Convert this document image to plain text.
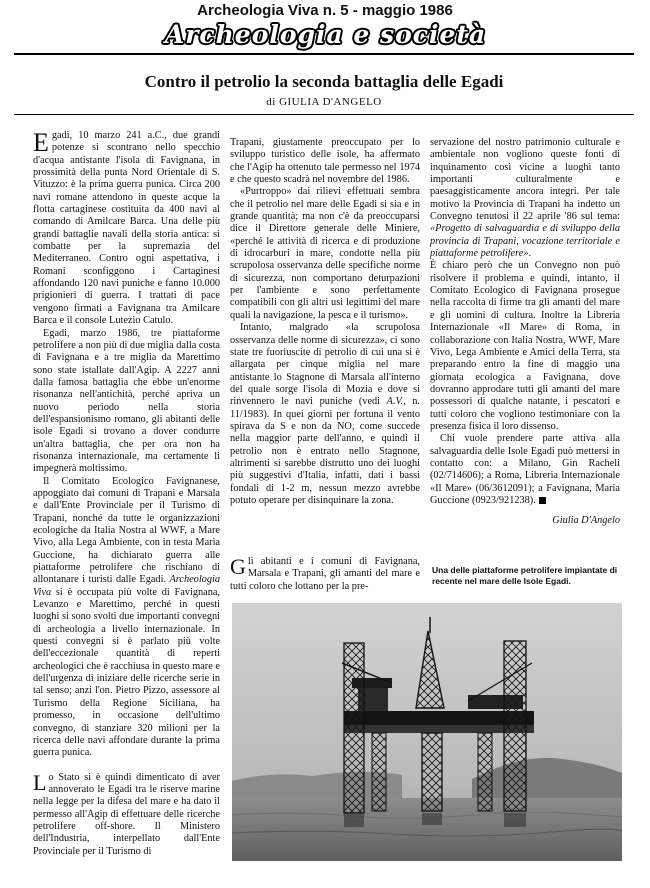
Archeologia Viva n. 5 - maggio 1986
Archeologia e società
Contro il petrolio la seconda battaglia delle Egadi
di GIULIA D'ANGELO

Egadi, 10 marzo 241 a.C., due grandi potenze si scontrano nello specchio d'acqua antistante l'isola di Favignana, in prossimità della punta Nord Orientale di S. Vituzzo: è la prima guerra punica. Circa 200 navi romane attendono in queste acque la flotta cartaginese costituita da 400 navi al comando di Amilcare Barca. Una delle più grandi battaglie navali della storia antica: si combatte per la supremazia del Mediterraneo. Contro ogni aspettativa, i Romani sconfiggono i Cartaginesi affondando 120 navi puniche e fanno 10.000 prigionieri di guerra. I trattati di pace vengono firmati a Favignana tra Amilcare Barca e il console Lutezio Catulo.

Egadi, marzo 1986, tre piattaforme petrolifere a non più di due miglia dalla costa di Favignana e a tre miglia da Marettimo sono state istallate dall'Agip. A 2227 anni dalla famosa battaglia che ebbe un'enorme risonanza nell'antichità, perché apriva un nuovo periodo nella storia dell'espansionismo romano, gli abitanti delle isole Egadi si trovano a dover condurre un'altra battaglia, che per ora non ha risonanza internazionale, ma certamente li impegnerà moltissimo.

Il Comitato Ecologico Favignanese, appoggiato dai comuni di Trapani e Marsala e dall'Ente Provinciale per il Turismo di Trapani, nonché da tutte le organizzazioni ecologiche da Italia Nostra al WWF, a Mare Vivo, alla Lega Ambiente, con in testa Maria Guccione, ha dichiarato guerra alle piattaforme petrolifere che rischiano di allontanare i turisti dalle Egadi. Archeologia Viva si è occupata più volte di Favignana, Levanzo e Marettimo, perché in questi luoghi si sono svolti due importanti convegni di archeologia a livello internazionale. In questi convegni si è parlato più volte dell'eccezionale quantità di reperti archeologici che è racchiusa in questo mare e dell'urgenza di iniziare delle ricerche serie in tal senso; anzi l'on. Pietro Pizzo, assessore al Turismo della Regione Siciliana, ha promesso, in occasione dell'ultimo convegno, di stanziare 320 milioni per la ricerca delle navi affondate durante la prima guerra punica.

Lo Stato si è quindi dimenticato di aver annoverato le Egadi tra le riserve marine nella legge per la difesa del mare e ha dato il permesso all'Agip di effettuare delle ricerche petrolifere off-shore. Il Ministero dell'Industria, interpellato dall'Ente Provinciale per il Turismo di

Trapani, giustamente preoccupato per lo sviluppo turistico delle isole, ha affermato che l'Agip ha ottenuto tale permesso nel 1974 e che questo scadrà nel novembre del 1986.

«Purtroppo» dai rilievi effettuati sembra che il petrolio nel mare delle Egadi si sia e in grande quantità; ma non c'è da preoccuparsi dice il Direttore generale delle Miniere, «perché le attività di ricerca e di produzione di idrocarburi in mare, condotte nella più scrupolosa osservanza delle specifiche norme di sicurezza, non comportano deturpazioni per l'ambiente e sono perfettamente compatibili con gli altri usi legittimi del mare quali la navigazione, la pesca e il turismo».

Intanto, malgrado «la scrupolosa osservanza delle norme di sicurezza», ci sono state tre fuoriuscite di petrolio di cui una si è allargata per cinque miglia nel mare antistante lo Stagnone di Marsala all'interno del quale sorge l'isola di Mozia e dove si rinvennero le navi puniche (vedi A.V., n. 11/1983). In quei giorni per fortuna il vento spirava da S e non da NO, come succede nella maggior parte dell'anno, e quindi il petrolio non è entrato nello Stagnone, altrimenti si sarebbe distrutto uno dei luoghi più suggestivi d'Italia, infatti, dati i bassi fondali di 1-2 m, nessun mezzo avrebbe potuto operare per disinquinare la zona.

Gli abitanti e i comuni di Favignana, Marsala e Trapani, gli amanti del mare e tutti coloro che lottano per la pre-

servazione del nostro patrimonio culturale e ambientale non vogliono queste fonti di inquinamento così vicine a luoghi tanto importanti culturalmente e paesaggisticamente ancora integri. Per tale motivo la Provincia di Trapani ha indetto un Convegno tenutosi il 22 aprile '86 sul tema: «Progetto di salvaguardia e di sviluppo della provincia di Trapani, vocazione territoriale e piattaforme petrolifere».

È chiaro però che un Convegno non può risolvere il problema e quindi, intanto, il Comitato Ecologico di Favignana prosegue nella raccolta di firme tra gli amanti del mare e gli uomini di cultura. Inoltre la Libreria Internazionale «Il Mare» di Roma, in collaborazione con Italia Nostra, WWF, Mare Vivo, Lega Ambiente e Amici della Terra, sta preparando entro la fine di maggio una giornata ecologica a Favignana, dove dovranno approdare tutti gli amanti del mare possessori di qualche natante, i pescatori e tutti coloro che vogliono testimoniare con la presenza fisica il loro dissenso.

Chi vuole prendere parte attiva alla salvaguardia delle Isole Egadi può mettersi in contatto con: a Milano, Gin Racheli (02/714606); a Roma, Libreria Internazionale «Il Mare» (06/3612091); a Favignana, Maria Guccione (0923/921238).

Giulia D'Angelo
Una delle piattaforme petrolifere impiantate di recente nel mare delle Isole Egadi.
